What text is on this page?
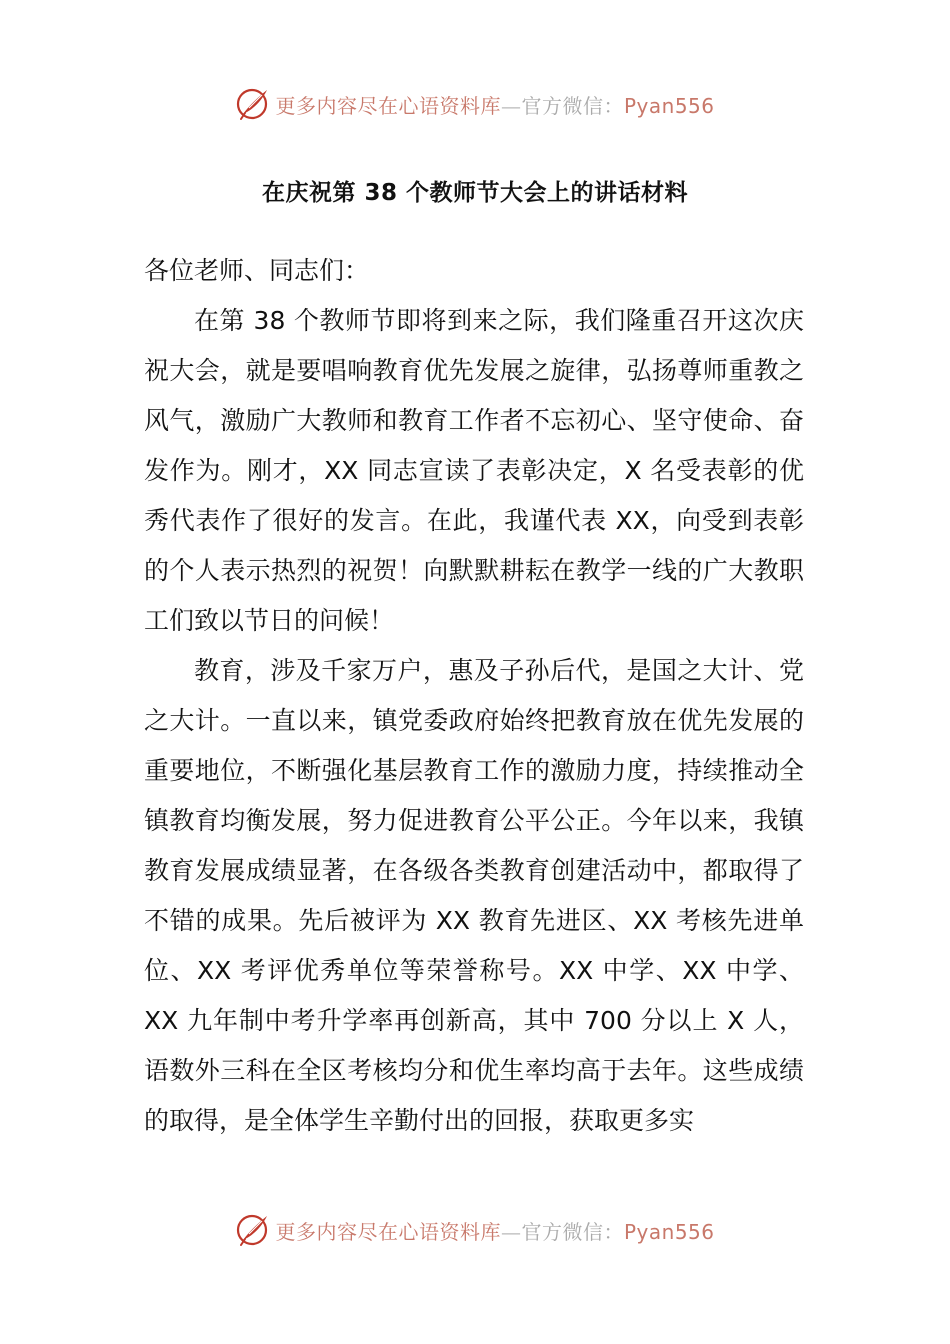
更多内容尽在心语资料库—官方微信：Pyan556
在庆祝第 38 个教师节大会上的讲话材料

各位老师、同志们：

在第 38 个教师节即将到来之际，我们隆重召开这次庆祝大会，就是要唱响教育优先发展之旋律，弘扬尊师重教之风气，激励广大教师和教育工作者不忘初心、坚守使命、奋发作为。刚才，XX 同志宣读了表彰决定，X 名受表彰的优秀代表作了很好的发言。在此，我谨代表 XX，向受到表彰的个人表示热烈的祝贺！向默默耕耘在教学一线的广大教职工们致以节日的问候！

教育，涉及千家万户，惠及子孙后代，是国之大计、党之大计。一直以来，镇党委政府始终把教育放在优先发展的重要地位，不断强化基层教育工作的激励力度，持续推动全镇教育均衡发展，努力促进教育公平公正。今年以来，我镇教育发展成绩显著，在各级各类教育创建活动中，都取得了不错的成果。先后被评为 XX 教育先进区、XX 考核先进单位、XX 考评优秀单位等荣誉称号。XX 中学、XX 中学、XX 九年制中考升学率再创新高，其中 700 分以上 X 人，语数外三科在全区考核均分和优生率均高于去年。这些成绩的取得，是全体学生辛勤付出的回报，获取更多实

更多内容尽在心语资料库—官方微信：Pyan556
